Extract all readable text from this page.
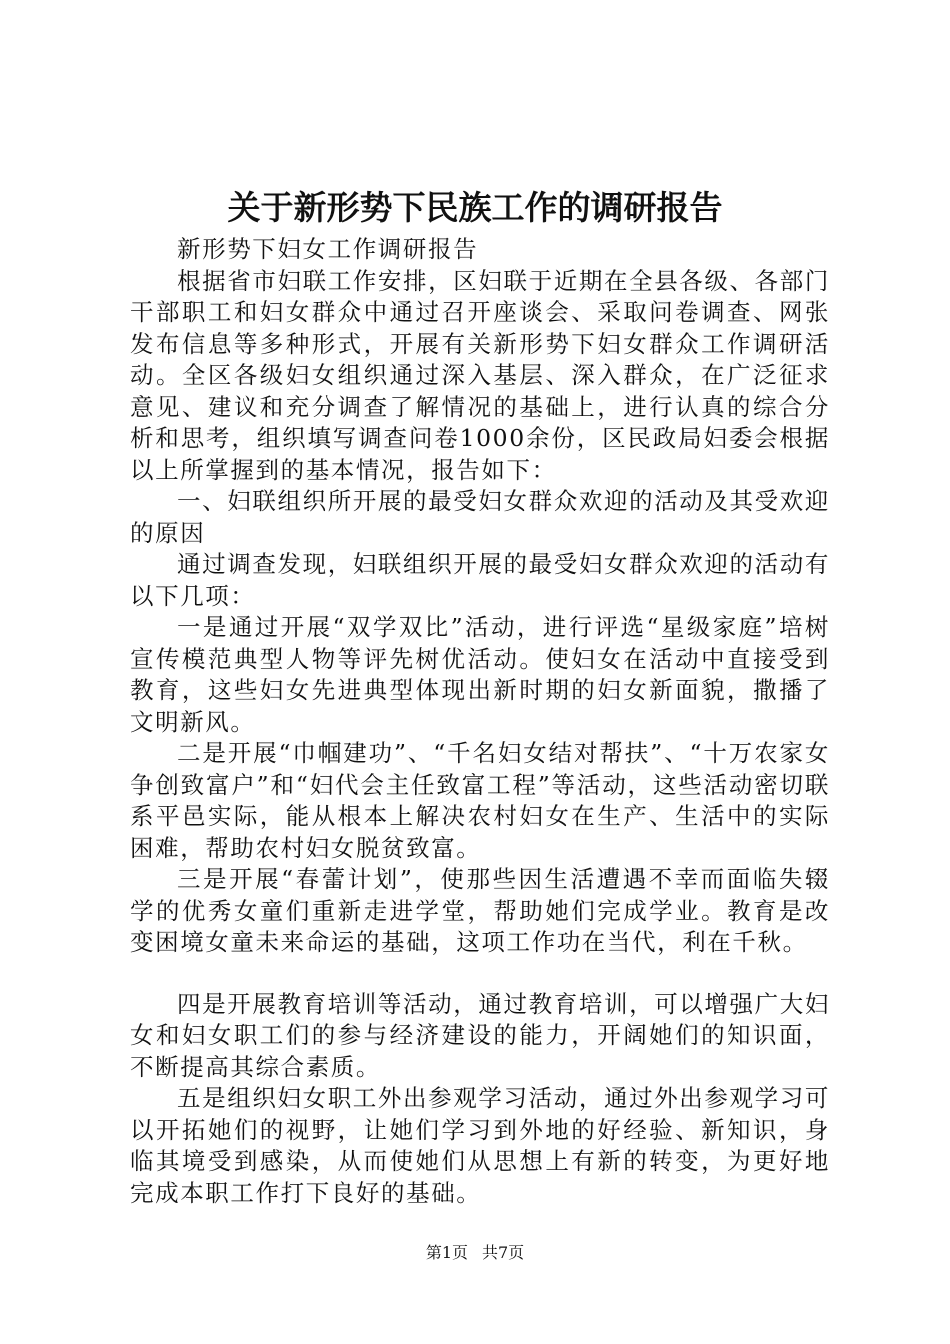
关于新形势下民族工作的调研报告

新形势下妇女工作调研报告

根据省市妇联工作安排，区妇联于近期在全县各级、各部门干部职工和妇女群众中通过召开座谈会、采取问卷调查、网张发布信息等多种形式，开展有关新形势下妇女群众工作调研活动。全区各级妇女组织通过深入基层、深入群众，在广泛征求意见、建议和充分调查了解情况的基础上，进行认真的综合分析和思考，组织填写调查问卷1000余份，区民政局妇委会根据以上所掌握到的基本情况，报告如下：

一、妇联组织所开展的最受妇女群众欢迎的活动及其受欢迎的原因

通过调查发现，妇联组织开展的最受妇女群众欢迎的活动有以下几项：

一是通过开展“双学双比”活动，进行评选“星级家庭”培树宣传模范典型人物等评先树优活动。使妇女在活动中直接受到教育，这些妇女先进典型体现出新时期的妇女新面貌，撒播了文明新风。

二是开展“巾帼建功”、“千名妇女结对帮扶”、“十万农家女争创致富户”和“妇代会主任致富工程”等活动，这些活动密切联系平邑实际，能从根本上解决农村妇女在生产、生活中的实际困难，帮助农村妇女脱贫致富。

三是开展“春蕾计划”，使那些因生活遭遇不幸而面临失辍学的优秀女童们重新走进学堂，帮助她们完成学业。教育是改变困境女童未来命运的基础，这项工作功在当代，利在千秋。

四是开展教育培训等活动，通过教育培训，可以增强广大妇女和妇女职工们的参与经济建设的能力，开阔她们的知识面，不断提高其综合素质。

五是组织妇女职工外出参观学习活动，通过外出参观学习可以开拓她们的视野，让她们学习到外地的好经验、新知识，身临其境受到感染，从而使她们从思想上有新的转变，为更好地完成本职工作打下良好的基础。

第1页 共7页
